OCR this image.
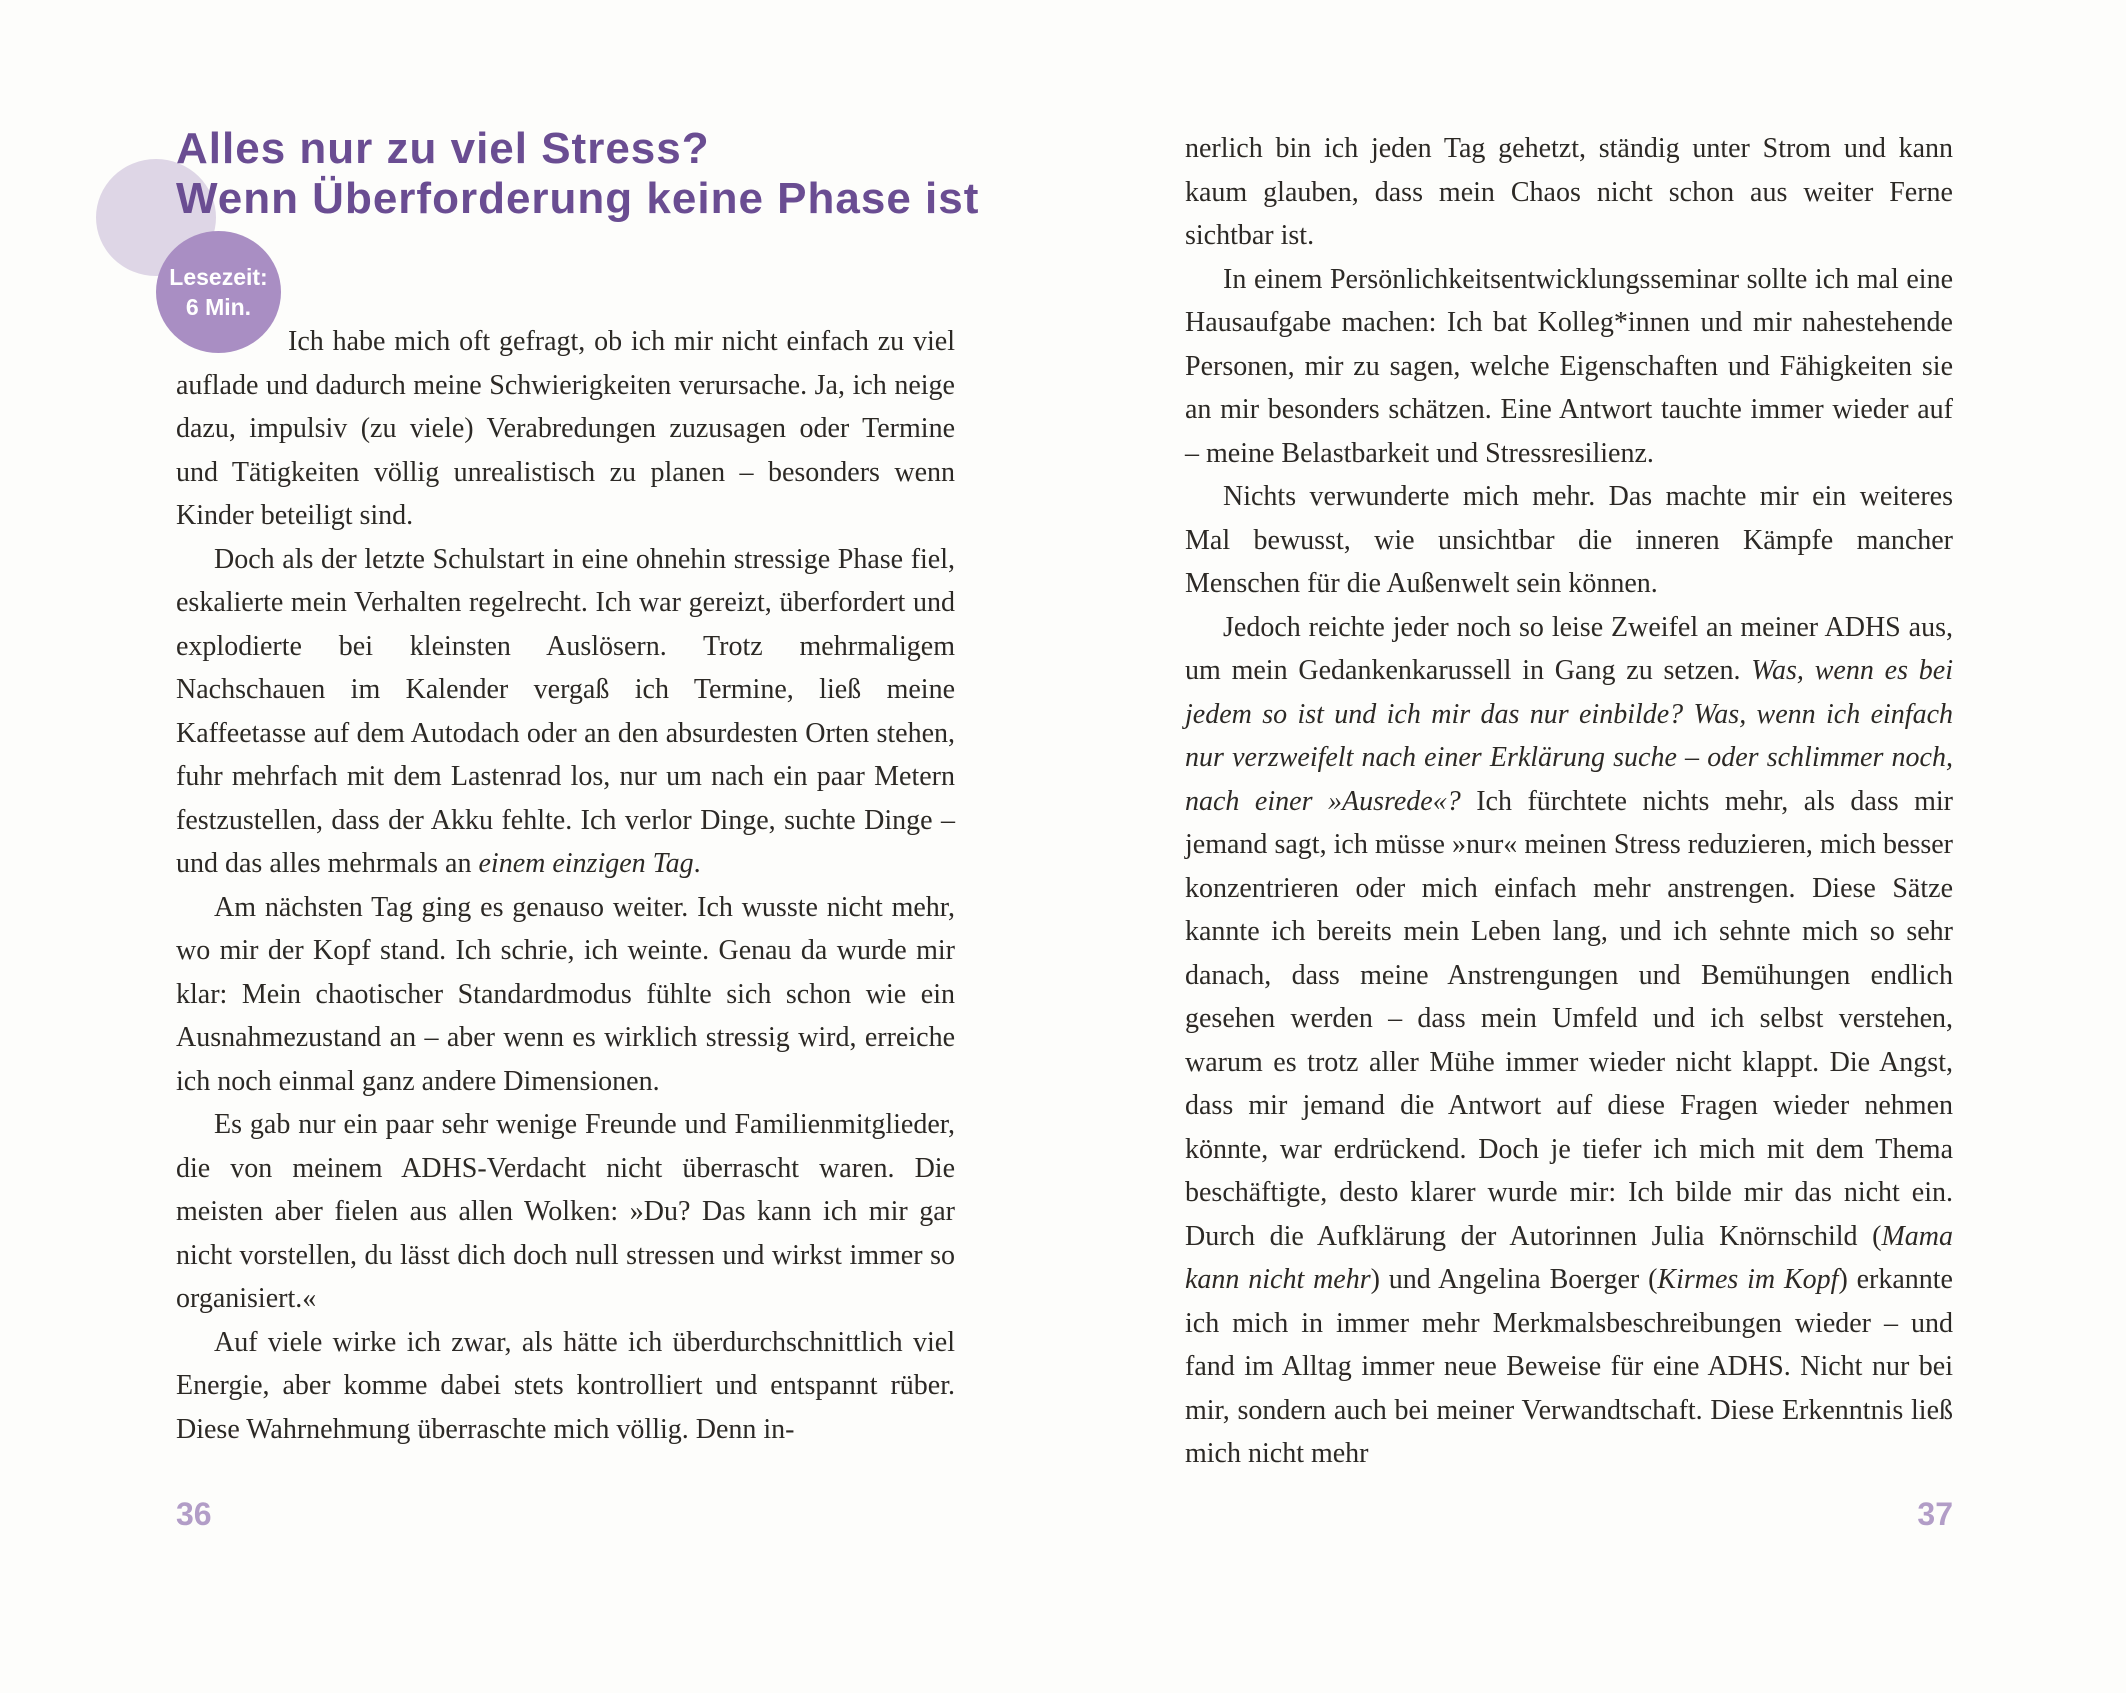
Lesezeit:
6 Min.
Alles nur zu viel Stress?
Wenn Überforderung keine Phase ist

Ich habe mich oft gefragt, ob ich mir nicht einfach zu viel auflade und dadurch meine Schwierigkeiten verursache. Ja, ich neige dazu, impulsiv (zu viele) Verabredungen zuzusagen oder Termine und Tätigkeiten völlig unrealistisch zu planen – besonders wenn Kinder beteiligt sind.

Doch als der letzte Schulstart in eine ohnehin stressige Phase fiel, eskalierte mein Verhalten regelrecht. Ich war gereizt, überfordert und explodierte bei kleinsten Auslösern. Trotz mehrmaligem Nachschauen im Kalender vergaß ich Termine, ließ meine Kaffeetasse auf dem Autodach oder an den absurdesten Orten stehen, fuhr mehrfach mit dem Lastenrad los, nur um nach ein paar Metern festzustellen, dass der Akku fehlte. Ich verlor Dinge, suchte Dinge – und das alles mehrmals an einem einzigen Tag.

Am nächsten Tag ging es genauso weiter. Ich wusste nicht mehr, wo mir der Kopf stand. Ich schrie, ich weinte. Genau da wurde mir klar: Mein chaotischer Standardmodus fühlte sich schon wie ein Ausnahmezustand an – aber wenn es wirklich stressig wird, erreiche ich noch einmal ganz andere Dimensionen.

Es gab nur ein paar sehr wenige Freunde und Familienmitglieder, die von meinem ADHS-Verdacht nicht überrascht waren. Die meisten aber fielen aus allen Wolken: »Du? Das kann ich mir gar nicht vorstellen, du lässt dich doch null stressen und wirkst immer so organisiert.«

Auf viele wirke ich zwar, als hätte ich überdurchschnittlich viel Energie, aber komme dabei stets kontrolliert und entspannt rüber. Diese Wahrnehmung überraschte mich völlig. Denn in-

nerlich bin ich jeden Tag gehetzt, ständig unter Strom und kann kaum glauben, dass mein Chaos nicht schon aus weiter Ferne sichtbar ist.

In einem Persönlichkeitsentwicklungsseminar sollte ich mal eine Hausaufgabe machen: Ich bat Kolleg*innen und mir nahestehende Personen, mir zu sagen, welche Eigenschaften und Fähigkeiten sie an mir besonders schätzen. Eine Antwort tauchte immer wieder auf – meine Belastbarkeit und Stressresilienz.

Nichts verwunderte mich mehr. Das machte mir ein weiteres Mal bewusst, wie unsichtbar die inneren Kämpfe mancher Menschen für die Außenwelt sein können.

Jedoch reichte jeder noch so leise Zweifel an meiner ADHS aus, um mein Gedankenkarussell in Gang zu setzen. Was, wenn es bei jedem so ist und ich mir das nur einbilde? Was, wenn ich einfach nur verzweifelt nach einer Erklärung suche – oder schlimmer noch, nach einer »Ausrede«? Ich fürchtete nichts mehr, als dass mir jemand sagt, ich müsse »nur« meinen Stress reduzieren, mich besser konzentrieren oder mich einfach mehr anstrengen. Diese Sätze kannte ich bereits mein Leben lang, und ich sehnte mich so sehr danach, dass meine Anstrengungen und Bemühungen endlich gesehen werden – dass mein Umfeld und ich selbst verstehen, warum es trotz aller Mühe immer wieder nicht klappt. Die Angst, dass mir jemand die Antwort auf diese Fragen wieder nehmen könnte, war erdrückend. Doch je tiefer ich mich mit dem Thema beschäftigte, desto klarer wurde mir: Ich bilde mir das nicht ein. Durch die Aufklärung der Autorinnen Julia Knörnschild (Mama kann nicht mehr) und Angelina Boerger (Kirmes im Kopf) erkannte ich mich in immer mehr Merkmalsbeschreibungen wieder – und fand im Alltag immer neue Beweise für eine ADHS. Nicht nur bei mir, sondern auch bei meiner Verwandtschaft. Diese Erkenntnis ließ mich nicht mehr

36	37
